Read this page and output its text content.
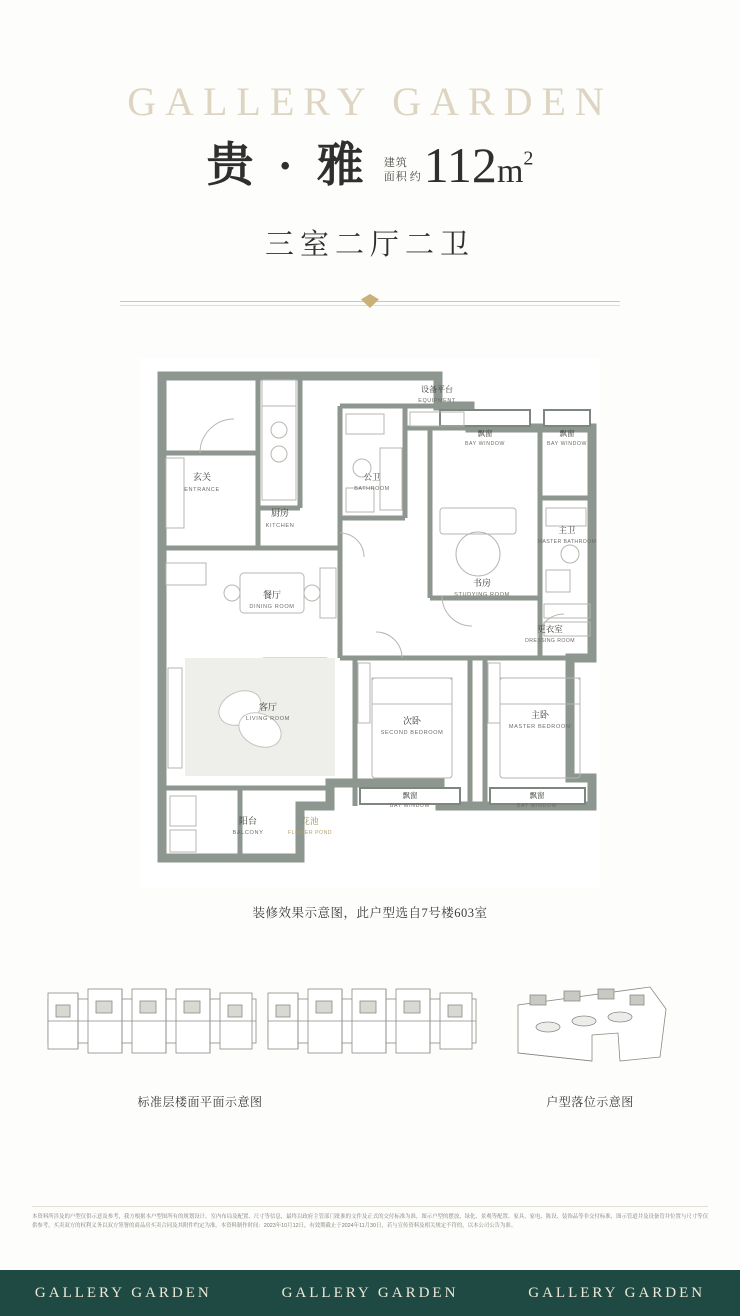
GALLERY GARDEN
贵 · 雅 建筑
面积 约 $112m^2$
三室二厅二卫
玄关
ENTRANCE
厨房
KITCHEN
设备平台
EQUIPMENT
公卫
BATHROOM
飘窗
BAY WINDOW
飘窗
BAY WINDOW
主卫
MASTER BATHROOM
书房
STUDYING ROOM
餐厅
DINING ROOM
更衣室
DRESSING ROOM
客厅
LIVING ROOM	次卧
SECOND BEDROOM
主卧
MASTER BEDROOM
飘窗
BAY WINDOW
飘窗
BAY WINDOW
阳台
BALCONY
花池
FLOWER POND
装修效果示意图，此户型选自7号楼603室
标准层楼面平面示意图	户型落位示意图
本资料所涉及的户型仅供示意及参考，我方根据本户型图所有的规划设计、室内布局及配置、尺寸等信息，最终以政府主管部门批准的文件及正式的交付标准为准，图示户型的摆放、绿化、景观等配置、家具、家电、陈设、装饰品等非交付标准，图示管道井及设备管井位置与尺寸等仅供参考，买卖双方的权利义务以双方签署的商品房买卖合同及其附件约定为准。本资料制作时间：2023年10月12日，有效期截止于2024年11月30日，若与宣传资料及相关规定不符的，以本公司公告为准。
GALLERY GARDEN	GALLERY GARDEN	GALLERY GARDEN
